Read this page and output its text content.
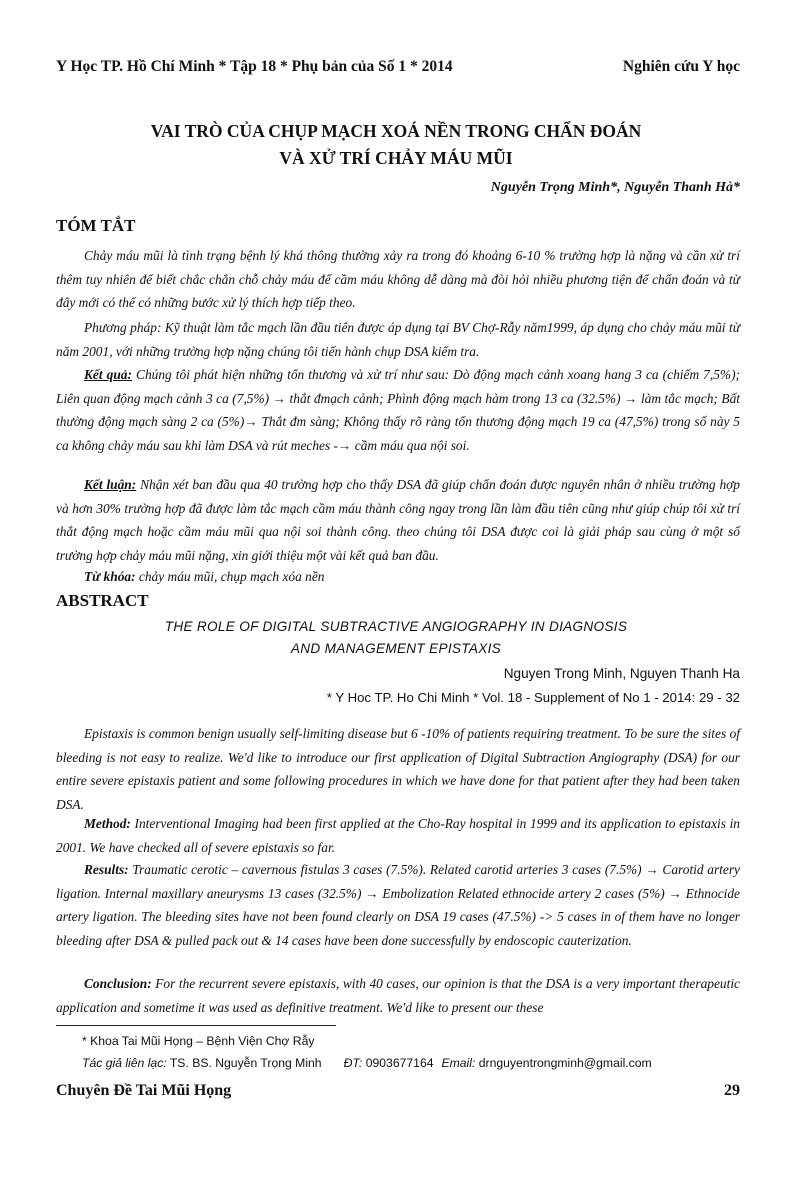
Y Học TP. Hồ Chí Minh * Tập 18 * Phụ bản của Số 1 * 2014	Nghiên cứu Y học
VAI TRÒ CỦA CHỤP MẠCH XOÁ NỀN TRONG CHẨN ĐOÁN
VÀ XỬ TRÍ CHẢY MÁU MŨI
Nguyễn Trọng Minh*, Nguyễn Thanh Hà*
TÓM TẮT
Chảy máu mũi là tình trạng bệnh lý khá thông thường xảy ra trong đó khoảng 6-10 % trường hợp là nặng và cần xử trí thêm tuy nhiên để biết chắc chắn chỗ chảy máu để cầm máu không dễ dàng mà đòi hỏi nhiều phương tiện để chẩn đoán và từ đây mới có thể có những bước xử lý thích hợp tiếp theo.
Phương pháp: Kỹ thuật làm tắc mạch lần đầu tiên được áp dụng tại BV Chợ-Rẫy năm1999, áp dụng cho chảy máu mũi từ năm 2001, với những trường hợp nặng chúng tôi tiến hành chụp DSA kiểm tra.
Kết quả: Chúng tôi phát hiện những tổn thương và xử trí như sau: Dò động mạch cảnh xoang hang 3 ca (chiếm 7,5%); Liên quan động mạch cảnh 3 ca (7,5%) → thắt đmạch cảnh; Phình động mạch hàm trong 13 ca (32.5%) → làm tắc mạch; Bất thường động mạch sàng 2 ca (5%)→ Thắt đm sàng; Không thấy rõ ràng tổn thương động mạch 19 ca (47,5%) trong số này 5 ca không chảy máu sau khi làm DSA và rút meches -→ cầm máu qua nội soi.
Kết luận: Nhận xét ban đầu qua 40 trường hợp cho thấy DSA đã giúp chẩn đoán được nguyên nhân ở nhiều trường hợp và hơn 30% trường hợp đã được làm tắc mạch cầm máu thành công ngay trong lần làm đầu tiên cũng như giúp chúp tôi xử trí thắt động mạch hoặc cầm máu mũi qua nội soi thành công. theo chúng tôi DSA được coi là giải pháp sau cùng ở một số trường hợp chảy máu mũi nặng, xin giới thiệu một vài kết quả ban đầu.
Từ khóa: chảy máu mũi, chụp mạch xóa nền
ABSTRACT
THE ROLE OF DIGITAL SUBTRACTIVE ANGIOGRAPHY IN DIAGNOSIS
AND MANAGEMENT EPISTAXIS
Nguyen Trong Minh, Nguyen Thanh Ha
* Y Hoc TP. Ho Chi Minh * Vol. 18 - Supplement of No 1 - 2014: 29 - 32
Epistaxis is common benign usually self-limiting disease but 6 -10% of patients requiring treatment. To be sure the sites of bleeding is not easy to realize. We'd like to introduce our first application of Digital Subtraction Angiography (DSA) for our entire severe epistaxis patient and some following procedures in which we have done for that patient after they had been taken DSA.
Method: Interventional Imaging had been first applied at the Cho-Ray hospital in 1999 and its application to epistaxis in 2001. We have checked all of severe epistaxis so far.
Results: Traumatic cerotic – cavernous fistulas 3 cases (7.5%). Related carotid arteries 3 cases (7.5%) → Carotid artery ligation. Internal maxillary aneurysms 13 cases (32.5%) → Embolization Related ethnocide artery 2 cases (5%) → Ethnocide artery ligation. The bleeding sites have not been found clearly on DSA 19 cases (47.5%) -> 5 cases in of them have no longer bleeding after DSA & pulled pack out & 14 cases have been done successfully by endoscopic cauterization.
Conclusion: For the recurrent severe epistaxis, with 40 cases, our opinion is that the DSA is a very important therapeutic application and sometime it was used as definitive treatment. We'd like to present our these
* Khoa Tai Mũi Họng – Bệnh Viện Chợ Rẫy
Tác giả liên lạc: TS. BS. Nguyễn Trọng Minh ĐT: 0903677164 Email: drnguyentrongminh@gmail.com
Chuyên Đề Tai Mũi Họng	29
